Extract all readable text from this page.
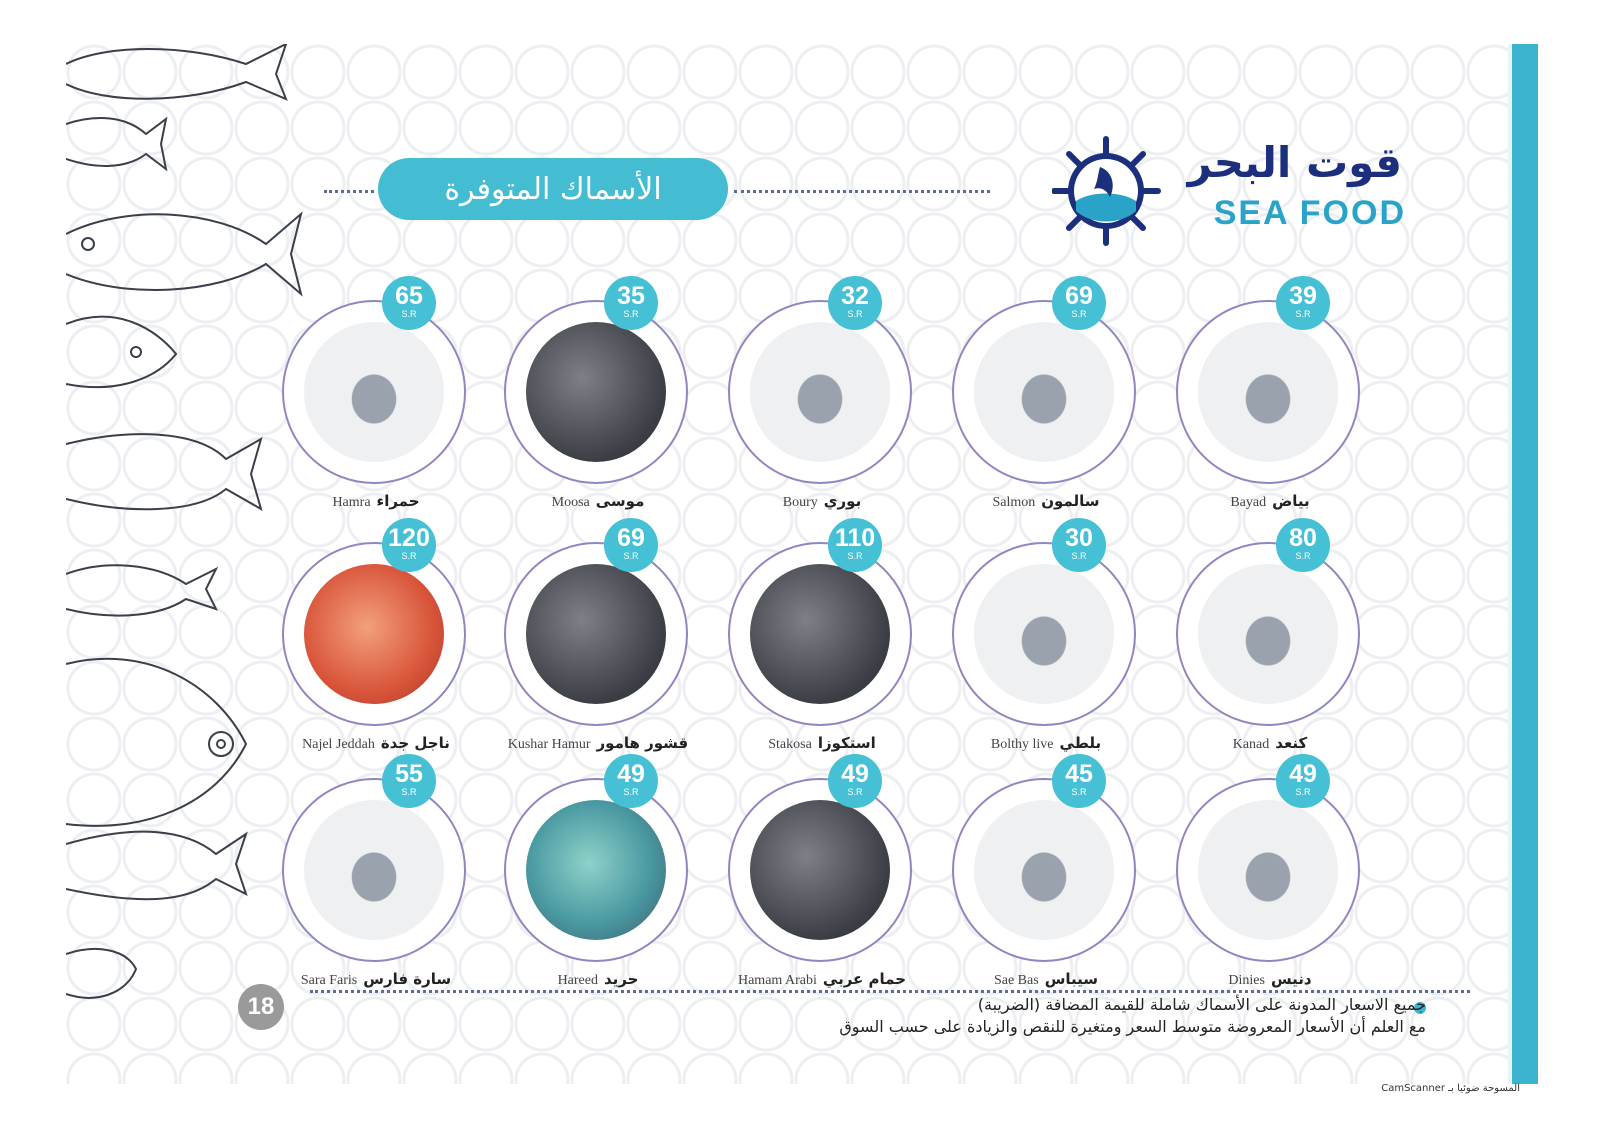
الأسماك المتوفرة
قوت البحر
SEA FOOD
39
S.R
Bayad بياض
69
S.R
Salmon سالمون
32
S.R
Boury بوري
35
S.R
Moosa موسى
65
S.R
Hamra حمراء
80
S.R
Kanad كنعد
30
S.R
Bolthy live بلطي
110
S.R
Stakosa استكوزا
69
S.R
Kushar Hamur قشور هامور
120
S.R
Najel Jeddah ناجل جدة
49
S.R
Dinies دنيس
45
S.R
Sae Bas سيباس
49
S.R
Hamam Arabi حمام عربي
49
S.R
Hareed حريد
55
S.R
Sara Faris سارة فارس
جميع الاسعار المدونة على الأسماك شاملة للقيمة المضافة (الضريبة)
مع العلم أن الأسعار المعروضة متوسط السعر ومتغيرة للنقص والزيادة على حسب السوق
18
المسوحة ضوئيا بـ CamScanner
